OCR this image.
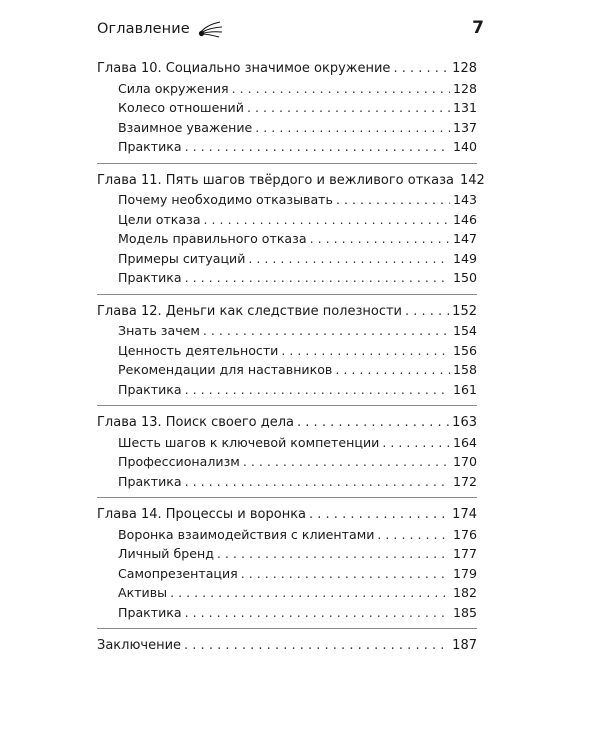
Оглавление	7
Глава 10. Социально значимое окружение . . .	128
Сила окружения . . .	128
Колесо отношений . . .	131
Взаимное уважение . . .	137
Практика . . .	140
Глава 11. Пять шагов твёрдого и вежливого отказа 142
Почему необходимо отказывать . . .	143
Цели отказа . . .	146
Модель правильного отказа . . .	147
Примеры ситуаций . . .	149
Практика . . .	150
Глава 12. Деньги как следствие полезности . . .	152
Знать зачем . . .	154
Ценность деятельности . . .	156
Рекомендации для наставников . . .	158
Практика . . .	161
Глава 13. Поиск своего дела . . .	163
Шесть шагов к ключевой компетенции . . .	164
Профессионализм . . .	170
Практика . . .	172
Глава 14. Процессы и воронка . . .	174
Воронка взаимодействия с клиентами . . .	176
Личный бренд . . .	177
Самопрезентация . . .	179
Активы . . .	182
Практика . . .	185
Заключение . . .	187
